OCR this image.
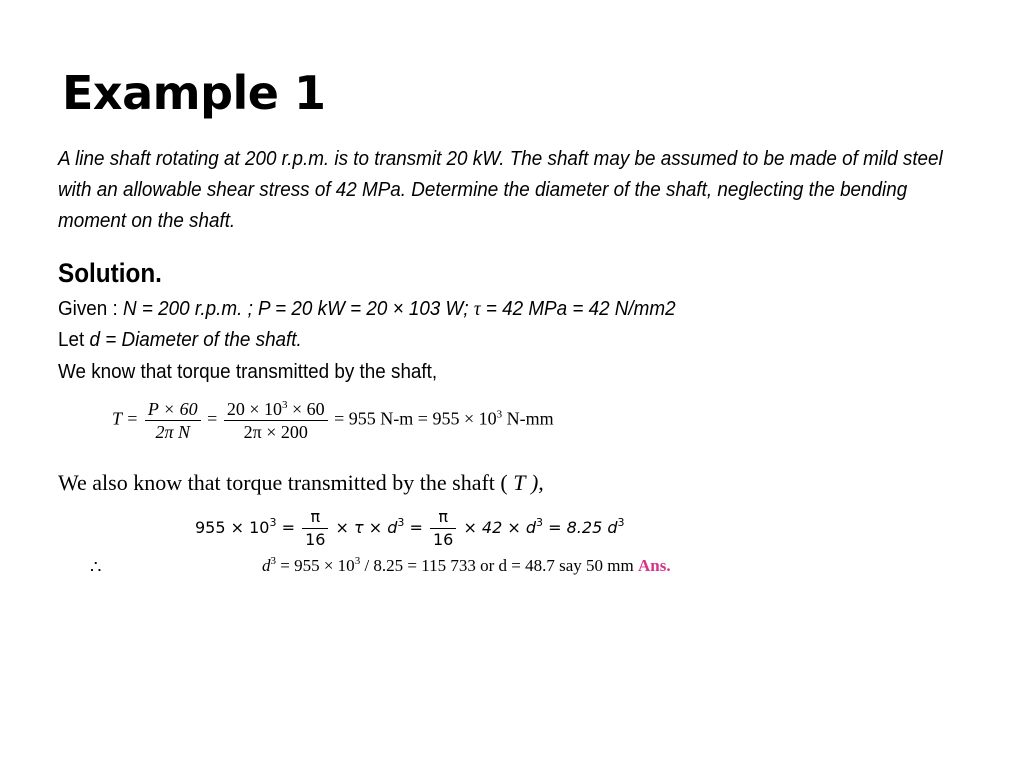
Example 1
A line shaft rotating at 200 r.p.m. is to transmit 20 kW. The shaft may be assumed to be made of mild steel with an allowable shear stress of 42 MPa. Determine the diameter of the shaft, neglecting the bending moment on the shaft.
Solution.
Given : N = 200 r.p.m. ; P = 20 kW = 20 × 103 W; τ = 42 MPa = 42 N/mm2
Let d = Diameter of the shaft.
We know that torque transmitted by the shaft,
$T = \frac{P \times 60}{\text{2π N}} = \frac{20 \times 10^3 \times 60}{2\pi \times 200} = 955$ $N-m = 955 \times 10^3$ N-mm
We also know that torque transmitted by the shaft ( T ),
$955 \times 10^3 = \frac{\pi}{16} \times \tau \times d^3 = \frac{\pi}{16} \times 42 \times d^3 = 8.25$ $d^3$
∴	$d^3 = 955 \times 10^3 / 8.25 = 115$ 733 or d = 48.7 say 50 mm Ans.
